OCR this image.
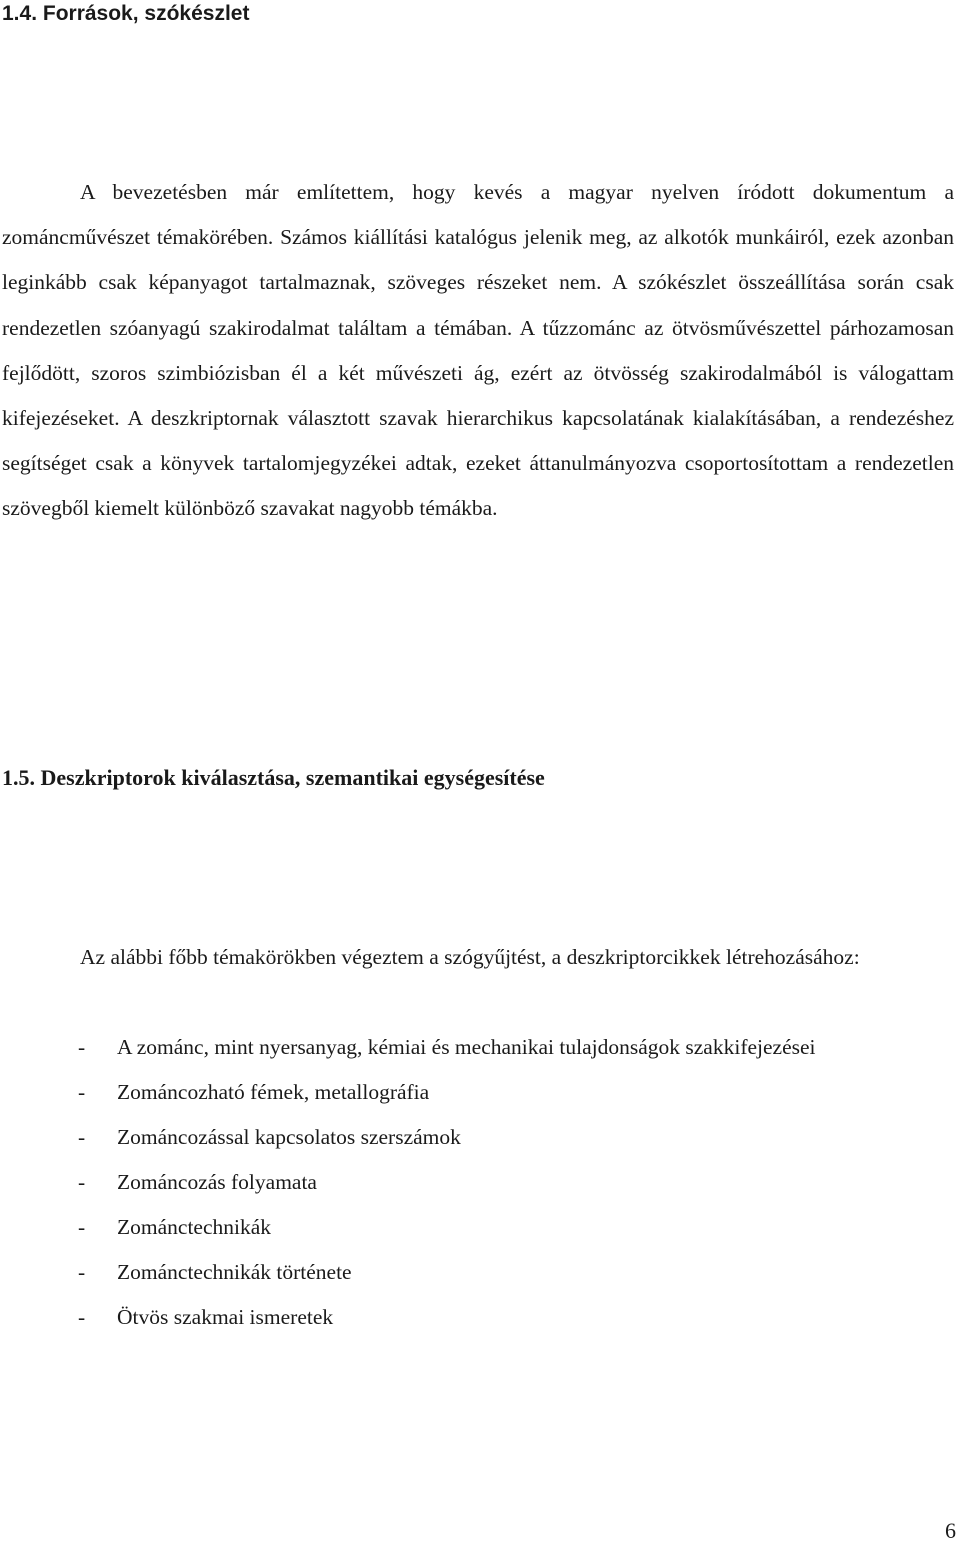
1.4. Források, szókészlet

A bevezetésben már említettem, hogy kevés a magyar nyelven íródott dokumentum a zománcművészet témakörében. Számos kiállítási katalógus jelenik meg, az alkotók munkáiról, ezek azonban leginkább csak képanyagot tartalmaznak, szöveges részeket nem. A szókészlet összeállítása során csak rendezetlen szóanyagú szakirodalmat találtam a témában. A tűzzománc az ötvösművészettel párhozamosan fejlődött, szoros szimbiózisban él a két művészeti ág, ezért az ötvösség szakirodalmából is válogattam kifejezéseket. A deszkriptornak választott szavak hierarchikus kapcsolatának kialakításában, a rendezéshez segítséget csak a könyvek tartalomjegyzékei adtak, ezeket áttanulmányozva csoportosítottam a rendezetlen szövegből kiemelt különböző szavakat nagyobb témákba.

1.5. Deszkriptorok kiválasztása, szemantikai egységesítése

Az alábbi főbb témakörökben végeztem a szógyűjtést, a deszkriptorcikkek létrehozásához:

- A zománc, mint nyersanyag, kémiai és mechanikai tulajdonságok szakkifejezései
- Zománcozható fémek, metallográfia
- Zománcozással kapcsolatos szerszámok
- Zománcozás folyamata
- Zománctechnikák
- Zománctechnikák története
- Ötvös szakmai ismeretek
6
